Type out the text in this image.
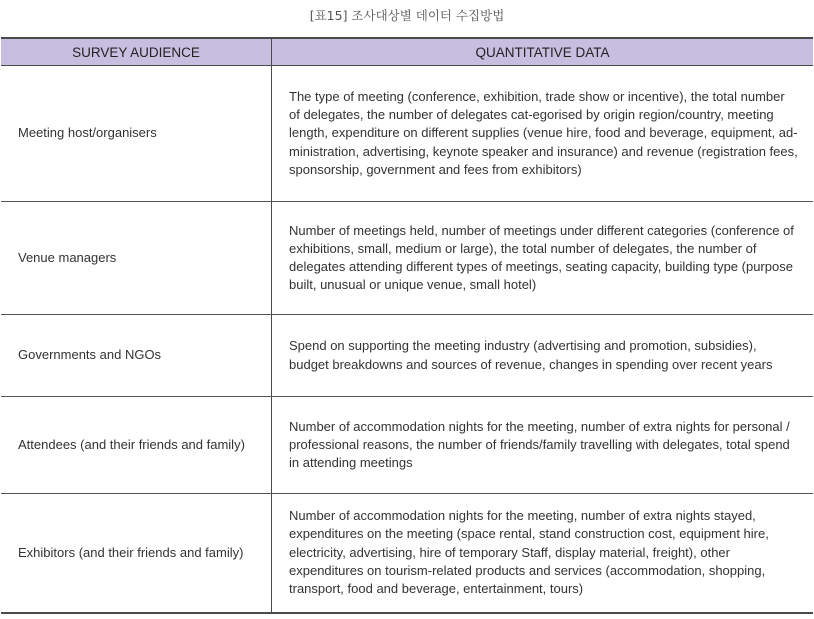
[표15] 조사대상별 데이터 수집방법
SURVEY AUDIENCE	QUANTITATIVE DATA
Meeting host/organisers	The type of meeting (conference, exhibition, trade show or incentive), the total number of delegates, the number of delegates cat-egorised by origin region/country, meeting length, expenditure on different supplies (venue hire, food and beverage, equipment, ad-ministration, advertising, keynote speaker and insurance) and revenue (registration fees, sponsorship, government and fees from exhibitors)
Venue managers	Number of meetings held, number of meetings under different categories (conference of exhibitions, small, medium or large), the total number of delegates, the number of delegates attending different types of meetings, seating capacity, building type (purpose built, unusual or unique venue, small hotel)
Governments and NGOs	Spend on supporting the meeting industry (advertising and promotion, subsidies), budget breakdowns and sources of revenue, changes in spending over recent years
Attendees (and their friends and family)	Number of accommodation nights for the meeting, number of extra nights for personal / professional reasons, the number of friends/family travelling with delegates, total spend in attending meetings
Exhibitors (and their friends and family)	Number of accommodation nights for the meeting, number of extra nights stayed, expenditures on the meeting (space rental, stand construction cost, equipment hire, electricity, advertising, hire of temporary Staff, display material, freight), other expenditures on tourism-related products and services (accommodation, shopping, transport, food and beverage, entertainment, tours)
